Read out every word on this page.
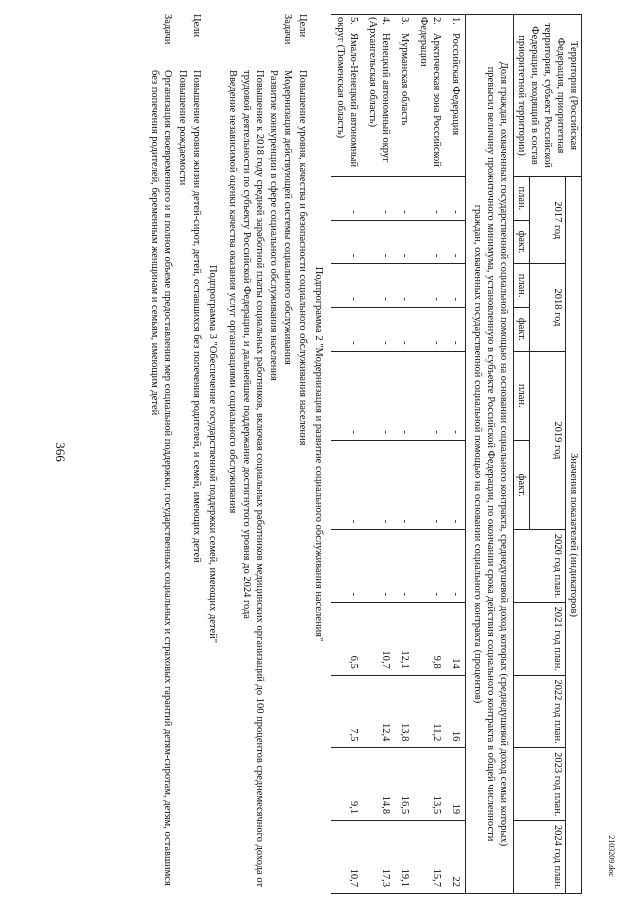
366
2103209.doc
Территория (Российская Федерация, приоритетная территория, субъект Российской Федерации, входящий в состав приоритетной территории)	Значения показателей (индикаторов)										
	2017 год		2018 год		2019 год		2020 год план.	2021 год план.	2022 год план.	2023 год план.	2024 год план.
	план.	факт.	план.	факт.	план.	факт.					
Доля граждан, охваченных государственной социальной помощью на основании социального контракта, среднедушевой доход которых (среднедушевой доход семьи которых) превысил величину прожиточного минимума, установленную в субъекте Российской Федерации, по окончании срока действия социального контракта в общей численности граждан, охваченных государственной социальной помощью на основании социального контракта (процентов)											
1.Российская Федерация	-	-	-	-	-	-	-	14	16	19	22
2.Арктическая зона Российской Федерации	-	-	-	-	-	-	-	9,8	11,2	13,5	15,7
3.Мурманская область	-	-	-	-	-	-	-	12,1	13,8	16,5	19,1
4.Ненецкий автономный округ (Архангельская область)	-	-	-	-	-	-	-	10,7	12,4	14,8	17,3
5.Ямало-Ненецкий автономный округ (Тюменская область)	-	-	-	-	-	-	-	6,5	7,5	9,1	10,7
Подпрограмма 2 "Модернизация и развитие социального обслуживания населения"
Цели
Повышение уровня, качества и безопасности социального обслуживания населения
Задачи
Модернизация действующей системы социального обслуживания
Развитие конкуренции в сфере социального обслуживания населения
Повышение к 2018 году средней заработной платы социальных работников, включая социальных работников медицинских организаций до 100 процентов среднемесячного дохода от трудовой деятельности по субъекту Российской Федерации, и дальнейшее поддержание достигнутого уровня до 2024 года
Введение независимой оценки качества оказания услуг организациями социального обслуживания
Подпрограмма 3 "Обеспечение государственной поддержки семей, имеющих детей"
Цели
Повышение уровня жизни детей-сирот, детей, оставшихся без попечения родителей, и семей, имеющих детей
Повышение рождаемости
Задачи
Организация своевременного и в полном объеме предоставления мер социальной поддержки, государственных социальных и страховых гарантий детям-сиротам, детям, оставшимся без попечения родителей, беременным женщинам и семьям, имеющим детей
